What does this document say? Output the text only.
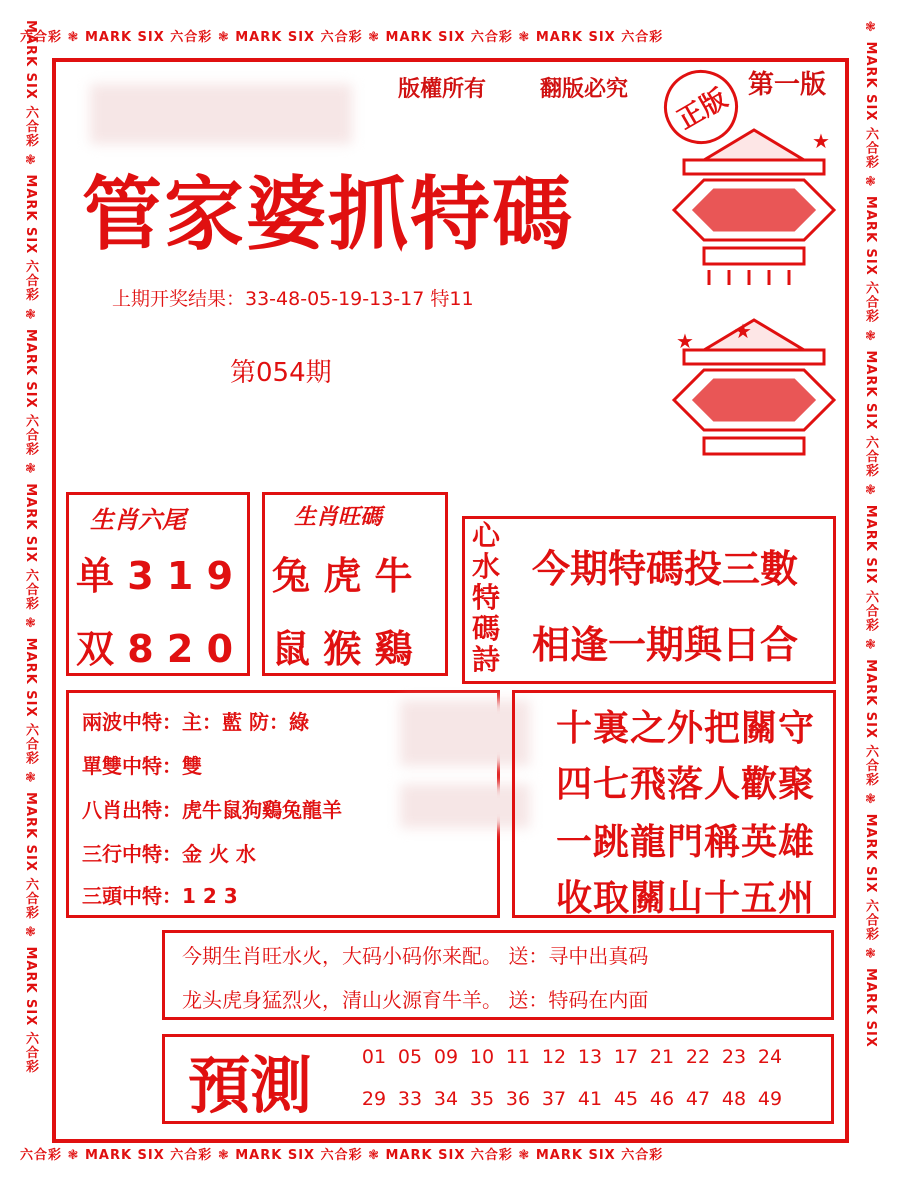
六合彩 ❃ MARK SIX 六合彩 ❃ MARK SIX 六合彩 ❃ MARK SIX 六合彩 ❃ MARK SIX 六合彩
六合彩 ❃ MARK SIX 六合彩 ❃ MARK SIX 六合彩 ❃ MARK SIX 六合彩 ❃ MARK SIX 六合彩
MARK SIX 六合彩 ❃ MARK SIX 六合彩 ❃ MARK SIX 六合彩 ❃ MARK SIX 六合彩 ❃ MARK SIX 六合彩 ❃ MARK SIX 六合彩 ❃ MARK SIX 六合彩	❃ MARK SIX 六合彩 ❃ MARK SIX 六合彩 ❃ MARK SIX 六合彩 ❃ MARK SIX 六合彩 ❃ MARK SIX 六合彩 ❃ MARK SIX 六合彩 ❃ MARK SIX
版權所有 翻版必究	第一版
正版
管家婆抓特碼
★
★ ★
上期开奖结果：33-48-05-19-13-17 特11
第054期
生肖六尾
单 3 1 9
双 8 2 0
生肖旺碼
兔 虎 牛
鼠 猴 鷄
心水特碼詩
今期特碼投三數
相逢一期與日合
兩波中特：主：藍 防：綠
單雙中特：雙
八肖出特：虎牛鼠狗鷄兔龍羊
三行中特：金 火 水
三頭中特：1 2 3
十裏之外把關守
四七飛落人歡聚
一跳龍門稱英雄
收取關山十五州
今期生肖旺水火，大码小码你来配。 送：寻中出真码
龙头虎身猛烈火，清山火源育牛羊。 送：特码在内面
預測	01 05 09 10 11 12 13 17 21 22 23 24
29 33 34 35 36 37 41 45 46 47 48 49
